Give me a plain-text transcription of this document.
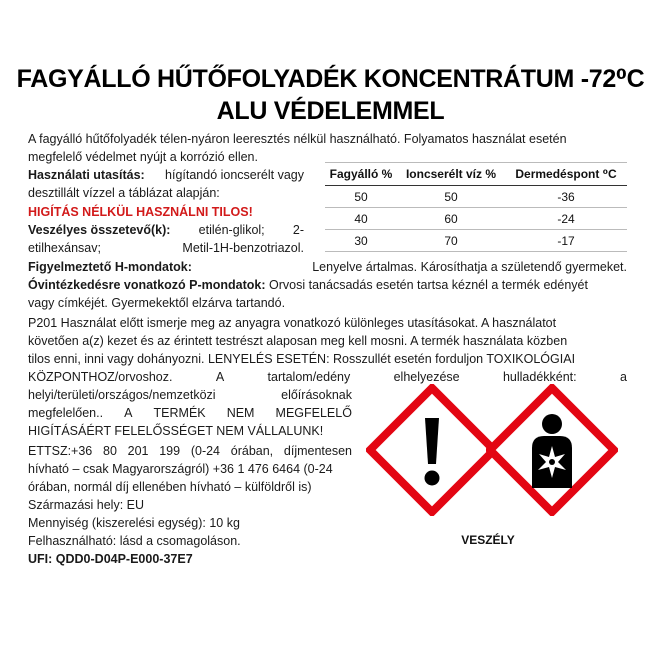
FAGYÁLLÓ HŰTŐFOLYADÉK KONCENTRÁTUM -72⁰C
ALU VÉDELEMMEL
A fagyálló hűtőfolyadék télen-nyáron leeresztés nélkül használható. Folyamatos használat esetén
megfelelő védelmet nyújt a korrózió ellen.
Használati utasítás: hígítandó ioncserélt vagy
desztillált vízzel a táblázat alapján:
HIGÍTÁS NÉLKÜL HASZNÁLNI TILOS!
Veszélyes összetevő(k): etilén-glikol; 2-
etilhexánsav;	Metil-1H-benzotriazol.
Fagyálló %	Ioncserélt víz %	Dermedéspont ⁰C
50	50	-36
40	60	-24
30	70	-17
Figyelmeztető H-mondatok:	Lenyelve ártalmas. Károsíthatja a születendő gyermeket.
Óvintézkedésre vonatkozó P-mondatok: Orvosi tanácsadás esetén tartsa kéznél a termék edényét
vagy címkéjét. Gyermekektől elzárva tartandó.
P201 Használat előtt ismerje meg az anyagra vonatkozó különleges utasításokat. A használatot
követően a(z) kezet és az érintett testrészt alaposan meg kell mosni. A termék használata közben
tilos enni, inni vagy dohányozni. LENYELÉS ESETÉN: Rosszullét esetén forduljon TOXIKOLÓGIAI
KÖZPONTHOZ/orvoshoz.	A	tartalom/edény	elhelyezése	hulladékként:	a
helyi/területi/országos/nemzetközi	előírásoknak
megfelelően.. A TERMÉK NEM MEGFELELŐ
HIGÍTÁSÁÉRT FELELŐSSÉGET NEM VÁLLALUNK!
ETTSZ:+36 80 201 199 (0-24 órában, díjmentesen
hívható – csak Magyarországról) +36 1 476 6464 (0-24
órában, normál díj ellenében hívható – külföldről is)
Származási hely: EU
Mennyiség (kiszerelési egység): 10 kg
Felhasználható: lásd a csomagoláson.
UFI: QDD0-D04P-E000-37E7
VESZÉLY
